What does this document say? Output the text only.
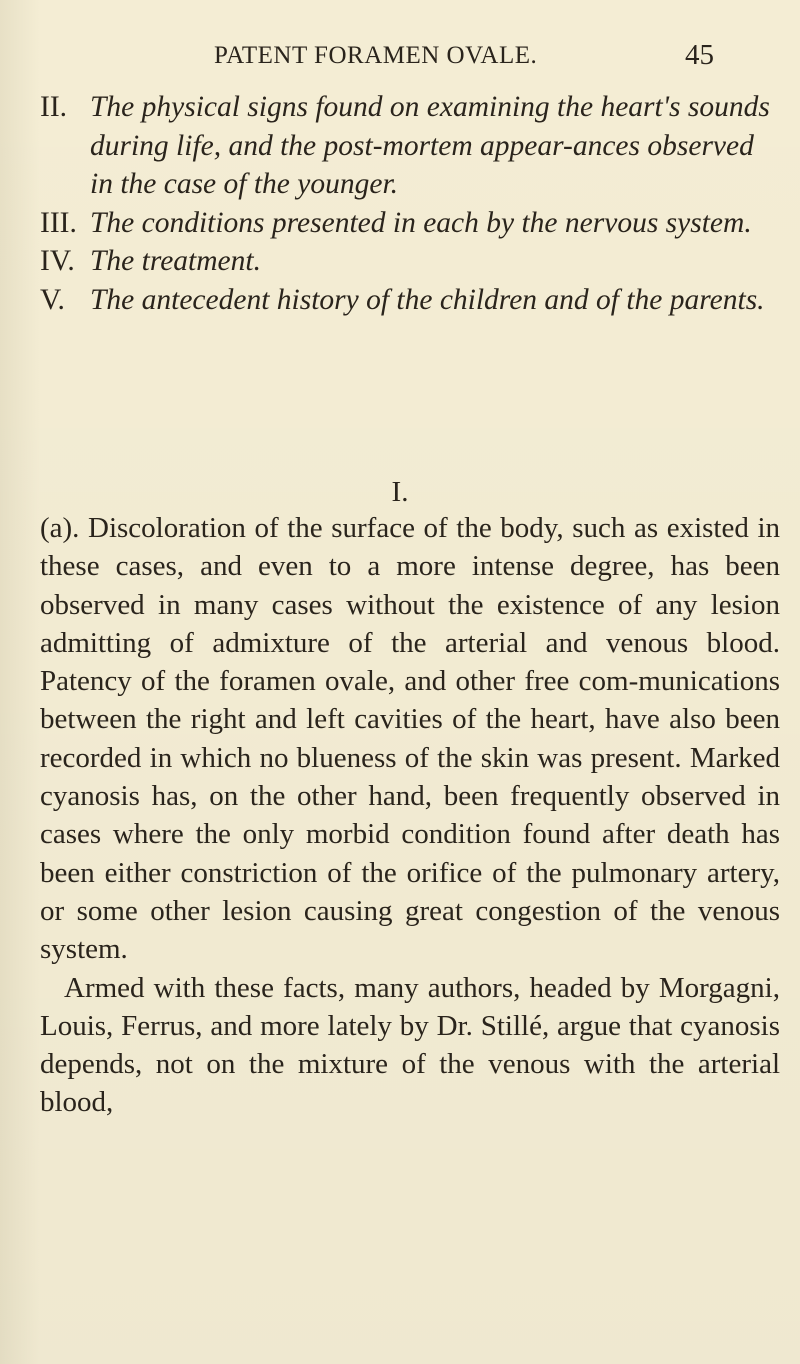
PATENT FORAMEN OVALE.	45

II. The physical signs found on examining the heart's sounds during life, and the post-mortem appear-ances observed in the case of the younger.

III. The conditions presented in each by the nervous system.

IV. The treatment.

V. The antecedent history of the children and of the parents.

I.

(a). Discoloration of the surface of the body, such as existed in these cases, and even to a more intense degree, has been observed in many cases without the existence of any lesion admitting of admixture of the arterial and venous blood. Patency of the foramen ovale, and other free com-munications between the right and left cavities of the heart, have also been recorded in which no blueness of the skin was present. Marked cyanosis has, on the other hand, been frequently observed in cases where the only morbid condition found after death has been either constriction of the orifice of the pulmonary artery, or some other lesion causing great congestion of the venous system.

Armed with these facts, many authors, headed by Morgagni, Louis, Ferrus, and more lately by Dr. Stillé, argue that cyanosis depends, not on the mixture of the venous with the arterial blood,
